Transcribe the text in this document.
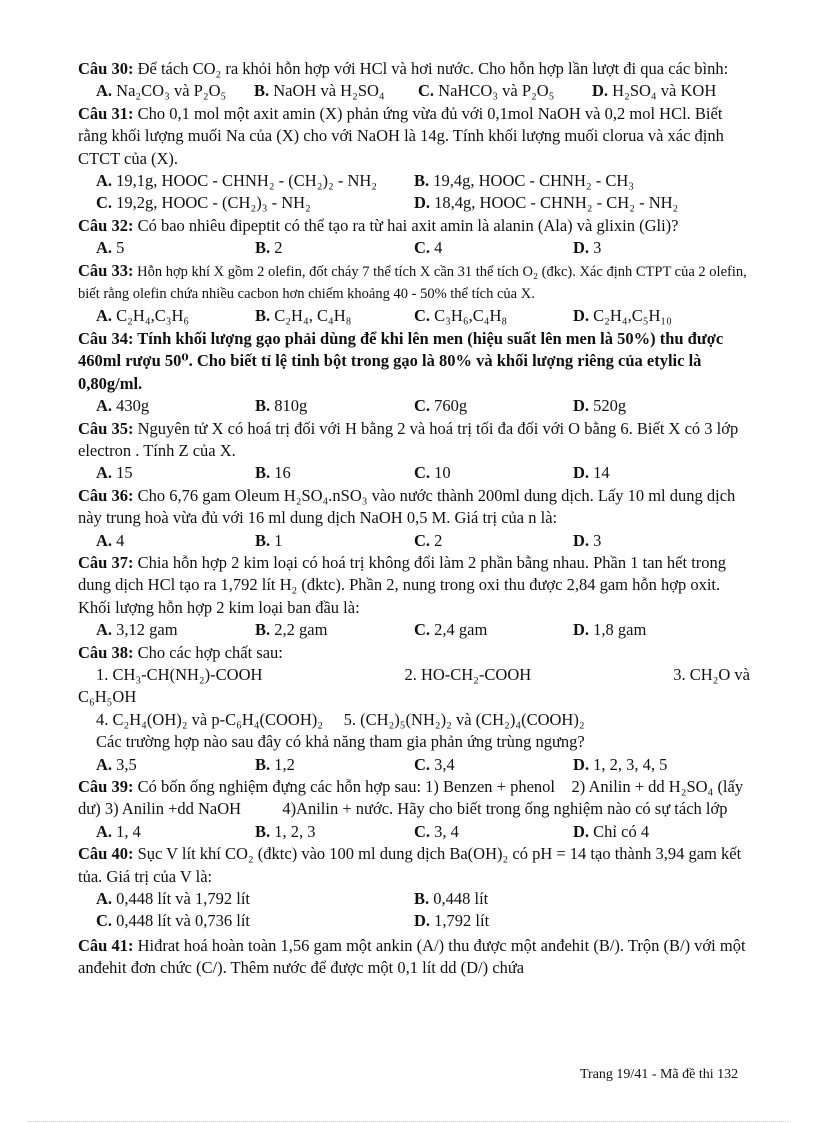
Câu 30: Để tách CO₂ ra khỏi hỗn hợp với HCl và hơi nước. Cho hỗn hợp lần lượt đi qua các bình:

A. Na₂CO₃ và P₂O₅	B. NaOH và H₂SO₄	C. NaHCO₃ và P₂O₅	D. H₂SO₄ và KOH

Câu 31: Cho 0,1 mol một axit amin (X) phản ứng vừa đủ với 0,1mol NaOH và 0,2 mol HCl. Biết rằng khối lượng muối Na của (X) cho với NaOH là 14g. Tính khối lượng muối clorua và xác định CTCT của (X).

A. 19,1g, HOOC - CHNH₂ - (CH₂)₂ - NH₂	B. 19,4g, HOOC - CHNH₂ - CH₃
C. 19,2g, HOOC - (CH₂)₃ - NH₂	D. 18,4g, HOOC - CHNH₂ - CH₂ - NH₂

Câu 32: Có bao nhiêu đipeptit có thể tạo ra từ hai axit amin là alanin (Ala) và glixin (Gli)?

A. 5	B. 2	C. 4	D. 3

Câu 33: Hỗn hợp khí X gồm 2 olefin, đốt cháy 7 thể tích X cần 31 thể tích O₂ (đkc). Xác định CTPT của 2 olefin, biết rằng olefin chứa nhiều cacbon hơn chiếm khoảng 40 - 50% thể tích của X.

A. C₂H₄,C₃H₆	B. C₂H₄, C₄H₈	C. C₃H₆,C₄H₈	D. C₂H₄,C₅H₁₀

Câu 34: Tính khối lượng gạo phải dùng để khi lên men (hiệu suất lên men là 50%) thu được 460ml rượu 50⁰. Cho biết tỉ lệ tinh bột trong gạo là 80% và khối lượng riêng của etylic là 0,80g/ml.

A. 430g	B. 810g	C. 760g	D. 520g

Câu 35: Nguyên tử X có hoá trị đối với H bằng 2 và hoá trị tối đa đối với O bằng 6. Biết X có 3 lớp electron . Tính Z của X.

A. 15	B. 16	C. 10	D. 14

Câu 36: Cho 6,76 gam Oleum H₂SO₄.nSO₃ vào nước thành 200ml dung dịch. Lấy 10 ml dung dịch này trung hoà vừa đủ với 16 ml dung dịch NaOH 0,5 M. Giá trị của n là:

A. 4	B. 1	C. 2	D. 3

Câu 37: Chia hỗn hợp 2 kim loại có hoá trị không đổi làm 2 phần bằng nhau. Phần 1 tan hết trong dung dịch HCl tạo ra 1,792 lít H₂ (đktc). Phần 2, nung trong oxi thu được 2,84 gam hỗn hợp oxit. Khối lượng hỗn hợp 2 kim loại ban đầu là:

A. 3,12 gam	B. 2,2 gam	C. 2,4 gam	D. 1,8 gam

Câu 38: Cho các hợp chất sau:

1. CH₃-CH(NH₂)-COOH	2. HO-CH₂-COOH	3. CH₂O và

C₆H₅OH

4. C₂H₄(OH)₂ và p-C₆H₄(COOH)₂     5. (CH₂)₅(NH₂)₂ và (CH₂)₄(COOH)₂

Các trường hợp nào sau đây có khả năng tham gia phản ứng trùng ngưng?

A. 3,5	B. 1,2	C. 3,4	D. 1, 2, 3, 4, 5

Câu 39: Có bốn ống nghiệm đựng các hỗn hợp sau: 1) Benzen + phenol    2) Anilin + dd H₂SO₄ (lấy dư) 3) Anilin +dd NaOH          4)Anilin + nước. Hãy cho biết trong ống nghiệm nào có sự tách lớp

A. 1, 4	B. 1, 2, 3	C. 3, 4	D. Chỉ có 4

Câu 40: Sục V lít khí CO₂ (đktc) vào 100 ml dung dịch Ba(OH)₂ có pH = 14 tạo thành 3,94 gam kết tủa. Giá trị của V là:

A. 0,448 lít và 1,792 lít	B. 0,448 lít
C. 0,448 lít và 0,736 lít	D. 1,792 lít

Câu 41: Hiđrat hoá hoàn toàn 1,56 gam một ankin (A/) thu được một anđehit (B/). Trộn (B/) với một anđehit đơn chức (C/). Thêm nước để được một 0,1 lít dd (D/) chứa

Trang 19/41 - Mã đề thi 132
